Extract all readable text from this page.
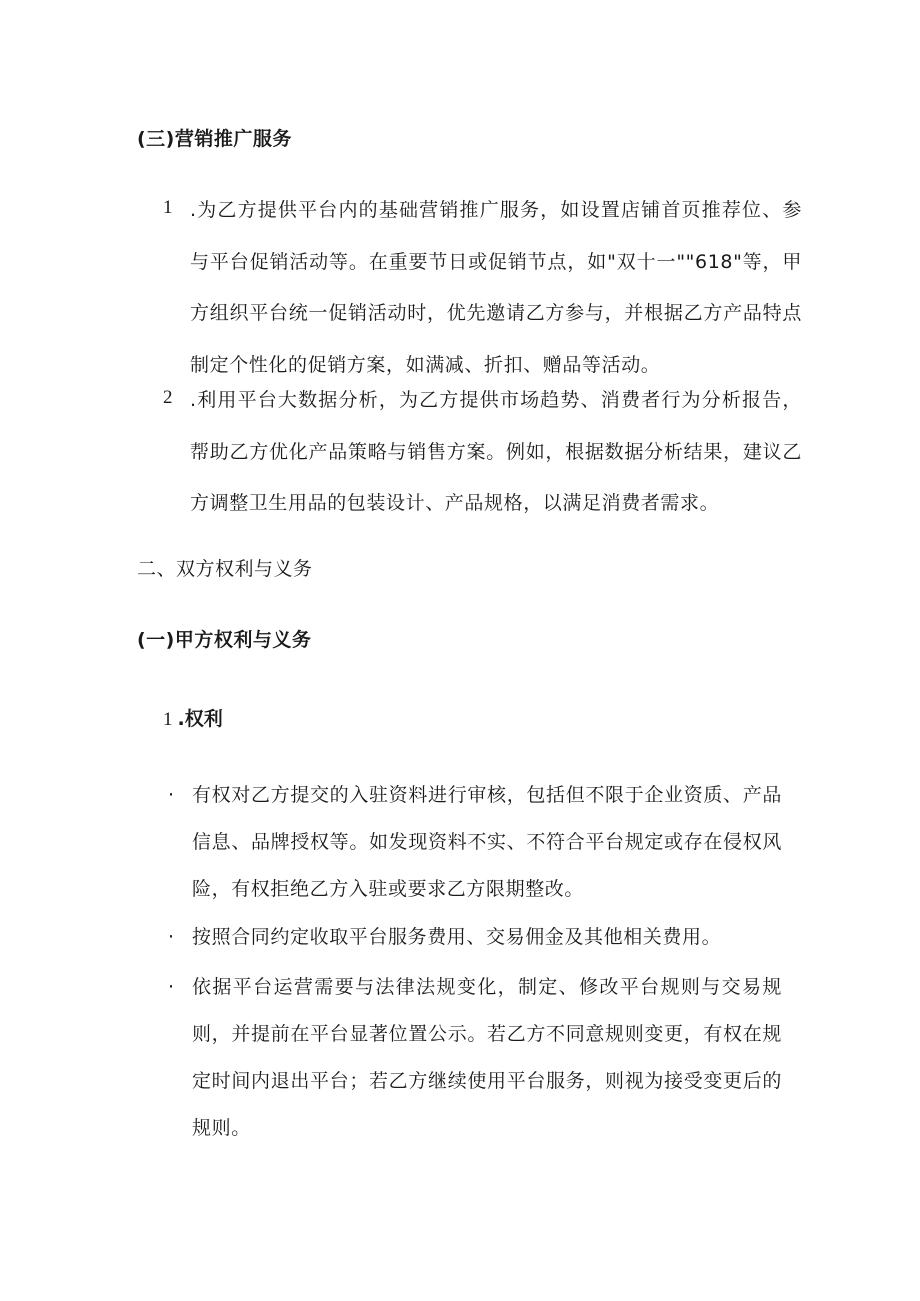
(三)营销推广服务
1 .为乙方提供平台内的基础营销推广服务，如设置店铺首页推荐位、参与平台促销活动等。在重要节日或促销节点，如"双十一""618"等，甲方组织平台统一促销活动时，优先邀请乙方参与，并根据乙方产品特点制定个性化的促销方案，如满减、折扣、赠品等活动。
2 .利用平台大数据分析，为乙方提供市场趋势、消费者行为分析报告，帮助乙方优化产品策略与销售方案。例如，根据数据分析结果，建议乙方调整卫生用品的包装设计、产品规格，以满足消费者需求。
二、双方权利与义务
(一)甲方权利与义务
1 .权利
· 有权对乙方提交的入驻资料进行审核，包括但不限于企业资质、产品信息、品牌授权等。如发现资料不实、不符合平台规定或存在侵权风险，有权拒绝乙方入驻或要求乙方限期整改。
· 按照合同约定收取平台服务费用、交易佣金及其他相关费用。
· 依据平台运营需要与法律法规变化，制定、修改平台规则与交易规则，并提前在平台显著位置公示。若乙方不同意规则变更，有权在规定时间内退出平台；若乙方继续使用平台服务，则视为接受变更后的规则。
